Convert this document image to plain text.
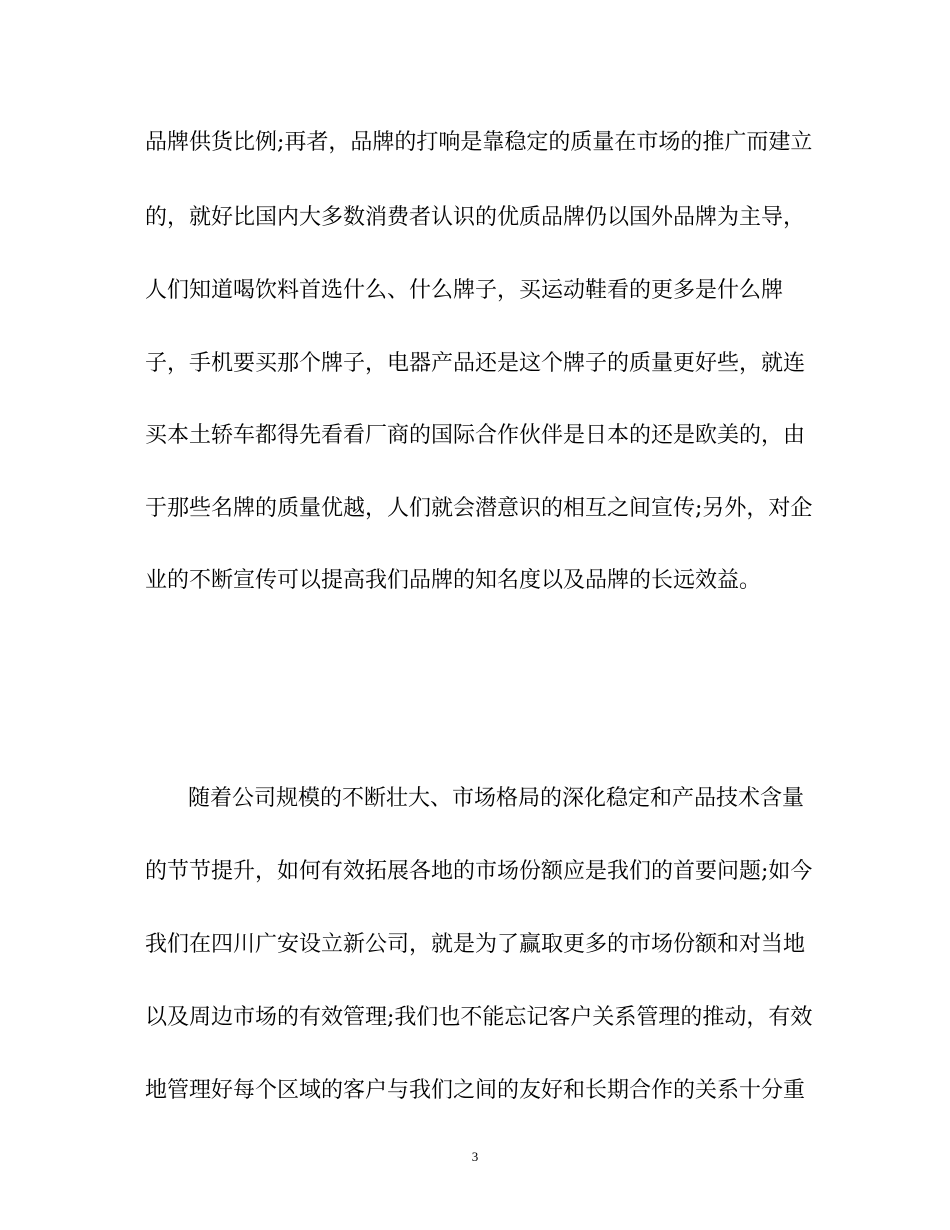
品牌供货比例;再者，品牌的打响是靠稳定的质量在市场的推广而建立
的，就好比国内大多数消费者认识的优质品牌仍以国外品牌为主导，
人们知道喝饮料首选什么、什么牌子，买运动鞋看的更多是什么牌
子，手机要买那个牌子，电器产品还是这个牌子的质量更好些，就连
买本土轿车都得先看看厂商的国际合作伙伴是日本的还是欧美的，由
于那些名牌的质量优越，人们就会潜意识的相互之间宣传;另外，对企
业的不断宣传可以提高我们品牌的知名度以及品牌的长远效益。
随着公司规模的不断壮大、市场格局的深化稳定和产品技术含量
的节节提升，如何有效拓展各地的市场份额应是我们的首要问题;如今
我们在四川广安设立新公司，就是为了赢取更多的市场份额和对当地
以及周边市场的有效管理;我们也不能忘记客户关系管理的推动，有效
地管理好每个区域的客户与我们之间的友好和长期合作的关系十分重
3
